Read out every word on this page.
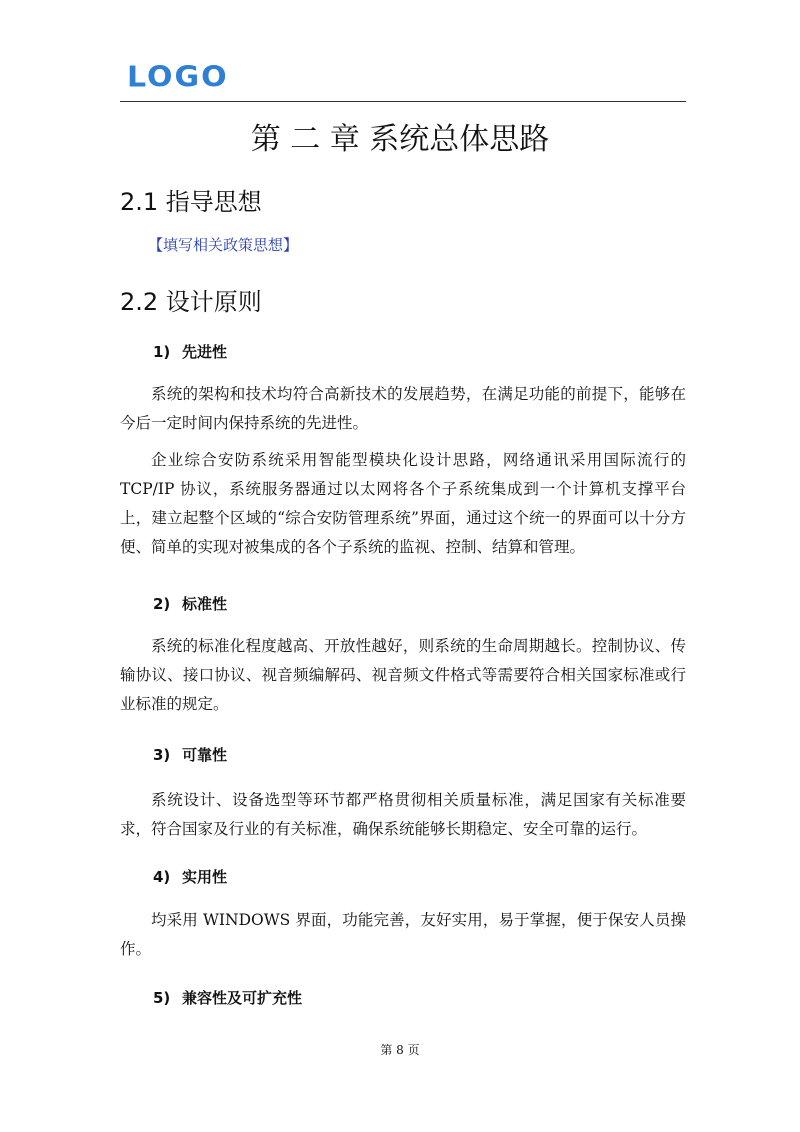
LOGO
第 二 章 系统总体思路
2.1 指导思想
【填写相关政策思想】
2.2 设计原则
1) 先进性
系统的架构和技术均符合高新技术的发展趋势，在满足功能的前提下，能够在今后一定时间内保持系统的先进性。
企业综合安防系统采用智能型模块化设计思路，网络通讯采用国际流行的TCP/IP 协议，系统服务器通过以太网将各个子系统集成到一个计算机支撑平台上，建立起整个区域的“综合安防管理系统”界面，通过这个统一的界面可以十分方便、简单的实现对被集成的各个子系统的监视、控制、结算和管理。
2) 标准性
系统的标准化程度越高、开放性越好，则系统的生命周期越长。控制协议、传输协议、接口协议、视音频编解码、视音频文件格式等需要符合相关国家标准或行业标准的规定。
3) 可靠性
系统设计、设备选型等环节都严格贯彻相关质量标准，满足国家有关标准要求，符合国家及行业的有关标准，确保系统能够长期稳定、安全可靠的运行。
4) 实用性
均采用 WINDOWS 界面，功能完善，友好实用，易于掌握，便于保安人员操作。
5) 兼容性及可扩充性
第 8 页
